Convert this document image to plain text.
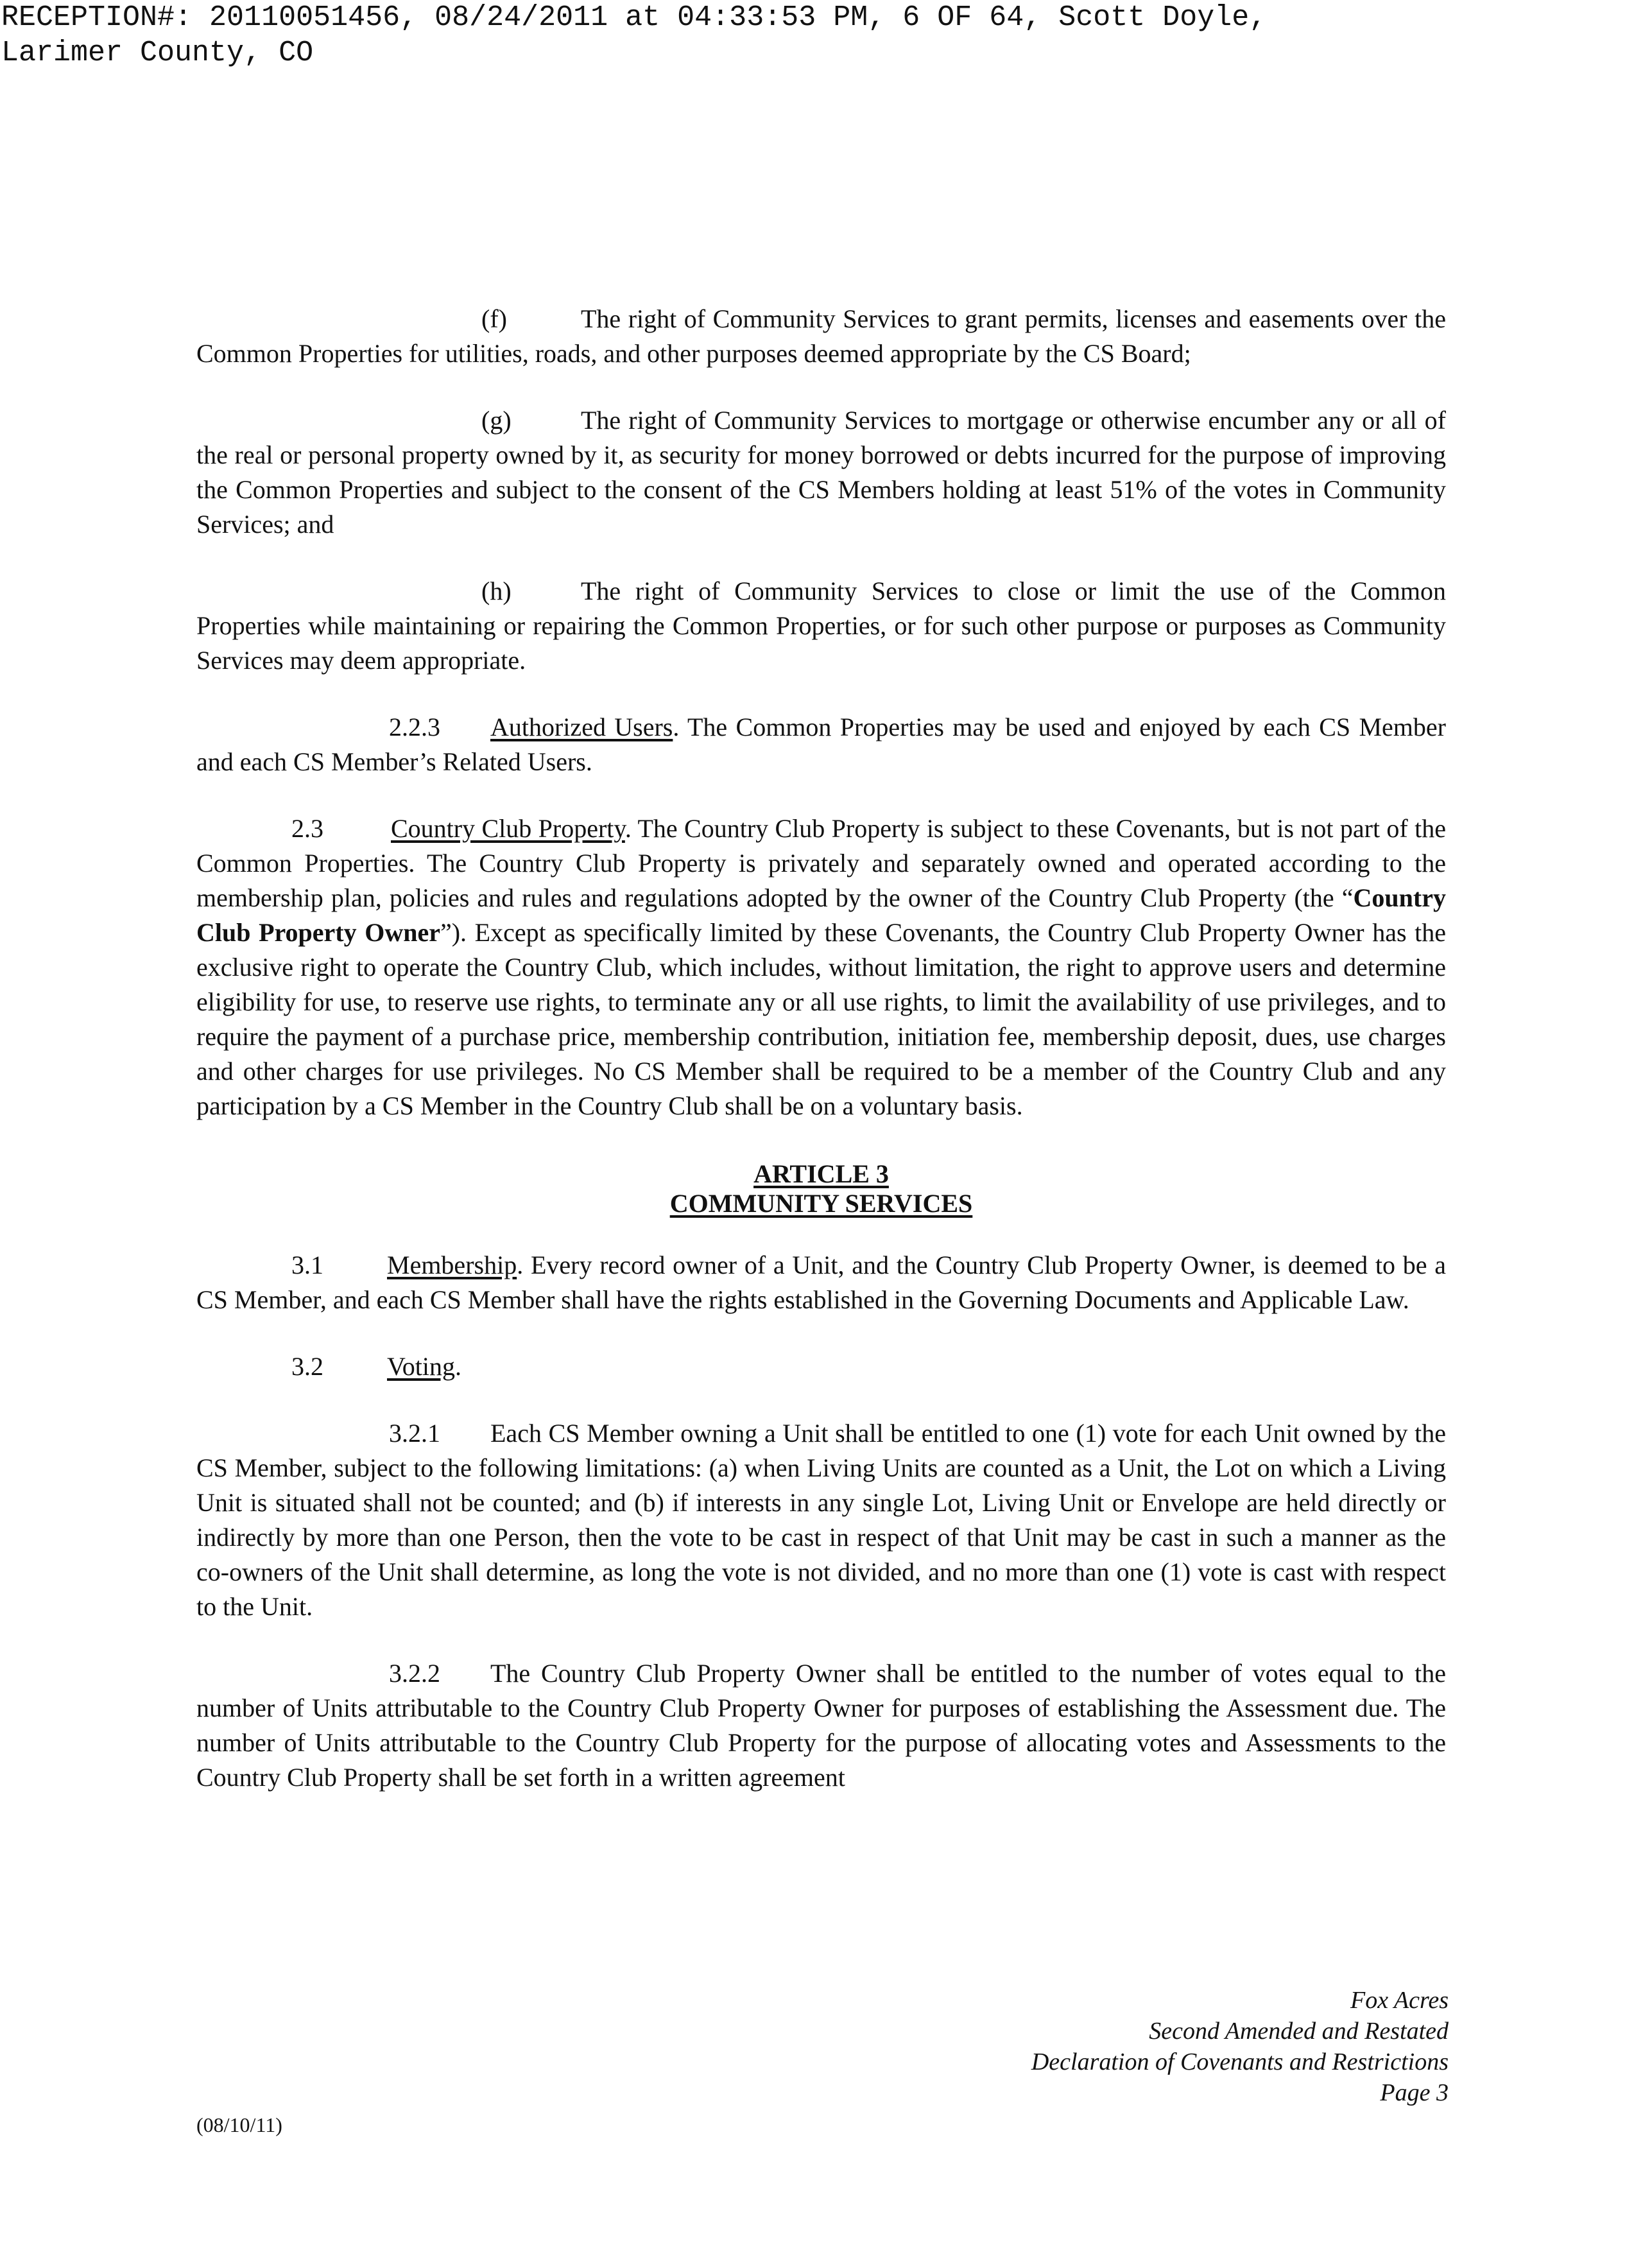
RECEPTION#: 20110051456, 08/24/2011 at 04:33:53 PM, 6 OF 64, Scott Doyle,
Larimer County, CO

(f)	The right of Community Services to grant permits, licenses and easements over the Common Properties for utilities, roads, and other purposes deemed appropriate by the CS Board;

(g)	The right of Community Services to mortgage or otherwise encumber any or all of the real or personal property owned by it, as security for money borrowed or debts incurred for the purpose of improving the Common Properties and subject to the consent of the CS Members holding at least 51% of the votes in Community Services; and

(h)	The right of Community Services to close or limit the use of the Common Properties while maintaining or repairing the Common Properties, or for such other purpose or purposes as Community Services may deem appropriate.

2.2.3 Authorized Users. The Common Properties may be used and enjoyed by each CS Member and each CS Member’s Related Users.

2.3	Country Club Property. The Country Club Property is subject to these Covenants, but is not part of the Common Properties. The Country Club Property is privately and separately owned and operated according to the membership plan, policies and rules and regulations adopted by the owner of the Country Club Property (the “Country Club Property Owner”). Except as specifically limited by these Covenants, the Country Club Property Owner has the exclusive right to operate the Country Club, which includes, without limitation, the right to approve users and determine eligibility for use, to reserve use rights, to terminate any or all use rights, to limit the availability of use privileges, and to require the payment of a purchase price, membership contribution, initiation fee, membership deposit, dues, use charges and other charges for use privileges. No CS Member shall be required to be a member of the Country Club and any participation by a CS Member in the Country Club shall be on a voluntary basis.

ARTICLE 3

COMMUNITY SERVICES

3.1 Membership. Every record owner of a Unit, and the Country Club Property Owner, is deemed to be a CS Member, and each CS Member shall have the rights established in the Governing Documents and Applicable Law.

3.2 Voting.

3.2.1 Each CS Member owning a Unit shall be entitled to one (1) vote for each Unit owned by the CS Member, subject to the following limitations: (a) when Living Units are counted as a Unit, the Lot on which a Living Unit is situated shall not be counted; and (b) if interests in any single Lot, Living Unit or Envelope are held directly or indirectly by more than one Person, then the vote to be cast in respect of that Unit may be cast in such a manner as the co-owners of the Unit shall determine, as long the vote is not divided, and no more than one (1) vote is cast with respect to the Unit.

3.2.2 The Country Club Property Owner shall be entitled to the number of votes equal to the number of Units attributable to the Country Club Property Owner for purposes of establishing the Assessment due. The number of Units attributable to the Country Club Property for the purpose of allocating votes and Assessments to the Country Club Property shall be set forth in a written agreement

Fox Acres
Second Amended and Restated
Declaration of Covenants and Restrictions
Page 3
(08/10/11)
